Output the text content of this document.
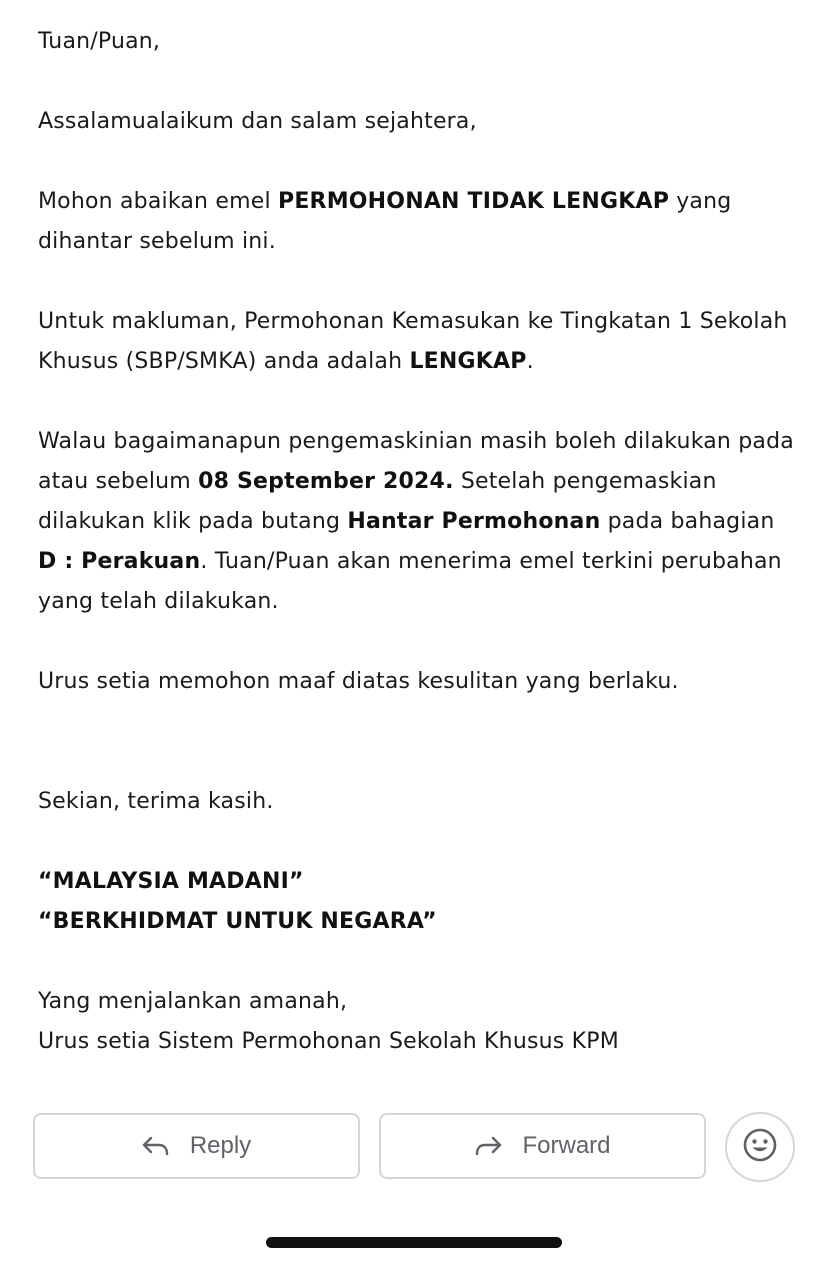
Tuan/Puan,

Assalamualaikum dan salam sejahtera,

Mohon abaikan emel PERMOHONAN TIDAK LENGKAP yang dihantar sebelum ini.

Untuk makluman, Permohonan Kemasukan ke Tingkatan 1 Sekolah Khusus (SBP/SMKA) anda adalah LENGKAP.

Walau bagaimanapun pengemaskinian masih boleh dilakukan pada atau sebelum 08 September 2024. Setelah pengemaskian dilakukan klik pada butang Hantar Permohonan pada bahagian D : Perakuan. Tuan/Puan akan menerima emel terkini perubahan yang telah dilakukan.

Urus setia memohon maaf diatas kesulitan yang berlaku.

Sekian, terima kasih.

“MALAYSIA MADANI”

“BERKHIDMAT UNTUK NEGARA”

Yang menjalankan amanah,

Urus setia Sistem Permohonan Sekolah Khusus KPM

Reply	Forward
